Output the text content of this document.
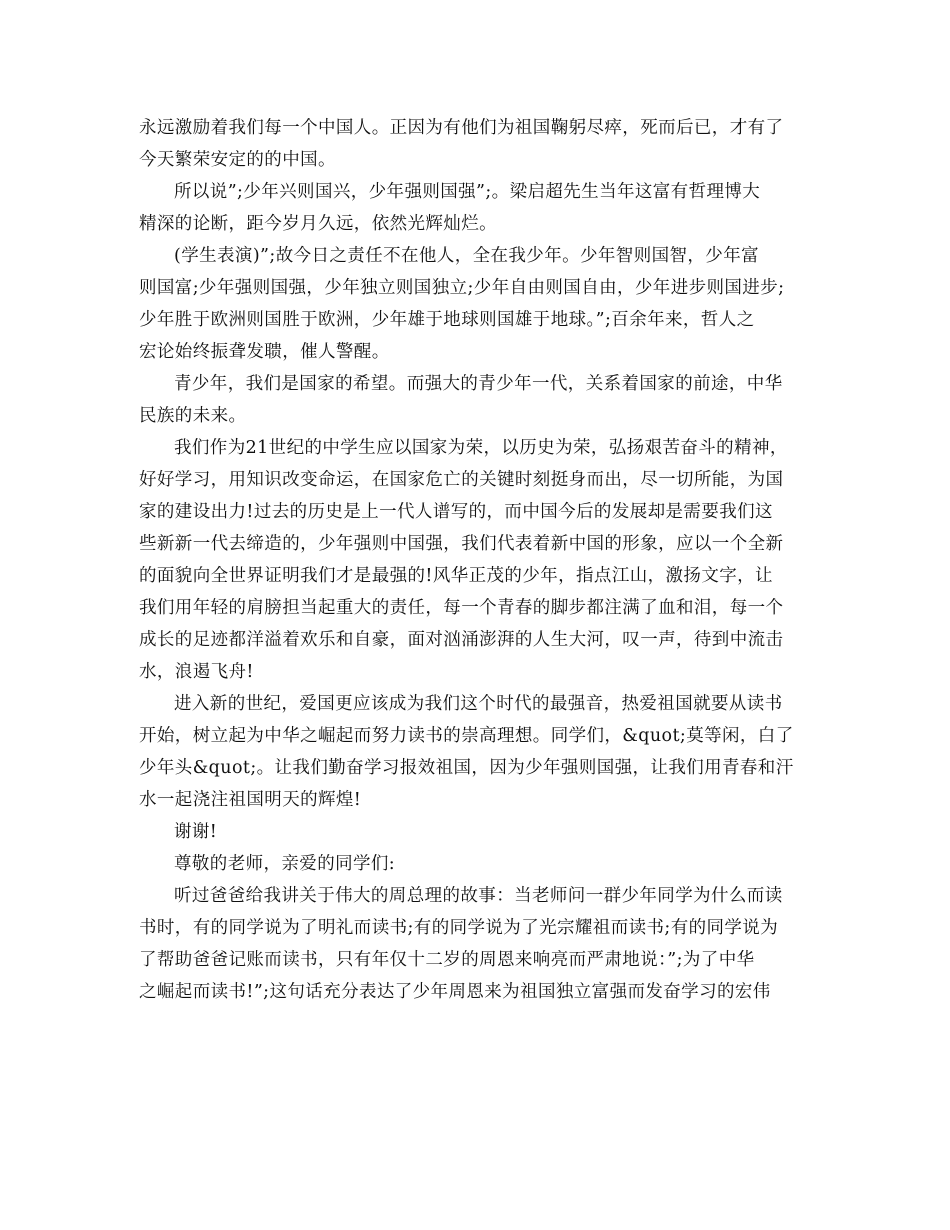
永远激励着我们每一个中国人。正因为有他们为祖国鞠躬尽瘁，死而后已，才有了
今天繁荣安定的的中国。
所以说”;少年兴则国兴，少年强则国强”;。梁启超先生当年这富有哲理博大
精深的论断，距今岁月久远，依然光辉灿烂。
(学生表演)”;故今日之责任不在他人，全在我少年。少年智则国智，少年富
则国富;少年强则国强，少年独立则国独立;少年自由则国自由，少年进步则国进步;
少年胜于欧洲则国胜于欧洲，少年雄于地球则国雄于地球。”;百余年来，哲人之
宏论始终振聋发聩，催人警醒。
青少年，我们是国家的希望。而强大的青少年一代，关系着国家的前途，中华
民族的未来。
我们作为21世纪的中学生应以国家为荣，以历史为荣，弘扬艰苦奋斗的精神，
好好学习，用知识改变命运，在国家危亡的关键时刻挺身而出，尽一切所能，为国
家的建设出力!过去的历史是上一代人谱写的，而中国今后的发展却是需要我们这
些新新一代去缔造的，少年强则中国强，我们代表着新中国的形象，应以一个全新
的面貌向全世界证明我们才是最强的!风华正茂的少年，指点江山，激扬文字，让
我们用年轻的肩膀担当起重大的责任，每一个青春的脚步都注满了血和泪，每一个
成长的足迹都洋溢着欢乐和自豪，面对汹涌澎湃的人生大河，叹一声，待到中流击
水，浪遏飞舟!
进入新的世纪，爱国更应该成为我们这个时代的最强音，热爱祖国就要从读书
开始，树立起为中华之崛起而努力读书的崇高理想。同学们，&quot;莫等闲，白了
少年头&quot;。让我们勤奋学习报效祖国，因为少年强则国强，让我们用青春和汗
水一起浇注祖国明天的辉煌!
谢谢!
尊敬的老师，亲爱的同学们:
听过爸爸给我讲关于伟大的周总理的故事：当老师问一群少年同学为什么而读
书时，有的同学说为了明礼而读书;有的同学说为了光宗耀祖而读书;有的同学说为
了帮助爸爸记账而读书，只有年仅十二岁的周恩来响亮而严肃地说：”;为了中华
之崛起而读书!”;这句话充分表达了少年周恩来为祖国独立富强而发奋学习的宏伟
